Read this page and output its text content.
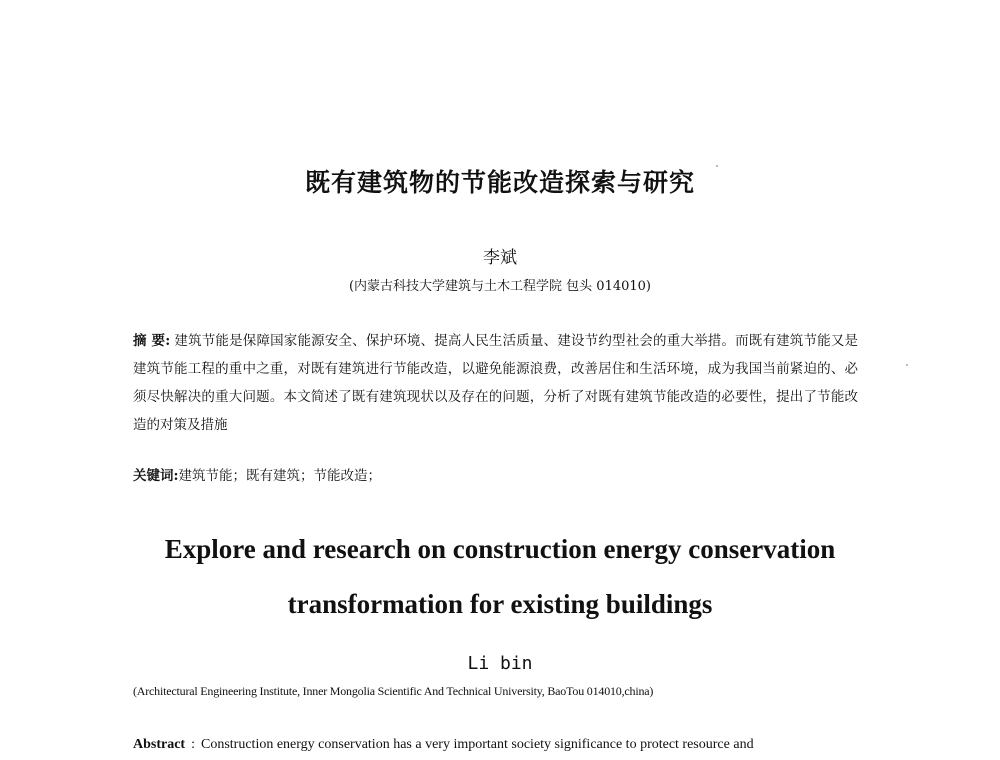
既有建筑物的节能改造探索与研究
李斌
(内蒙古科技大学建筑与土木工程学院 包头 014010)
摘 要: 建筑节能是保障国家能源安全、保护环境、提高人民生活质量、建设节约型社会的重大举措。而既有建筑节能又是建筑节能工程的重中之重，对既有建筑进行节能改造，以避免能源浪费，改善居住和生活环境，成为我国当前紧迫的、必须尽快解决的重大问题。本文简述了既有建筑现状以及存在的问题，分析了对既有建筑节能改造的必要性，提出了节能改造的对策及措施
关键词:建筑节能；既有建筑；节能改造；
Explore and research on construction energy conservation
transformation for existing buildings
Li bin
(Architectural Engineering Institute, Inner Mongolia Scientific And Technical University, BaoTou 014010,china)
Abstract : Construction energy conservation has a very important society significance to protect resource and
